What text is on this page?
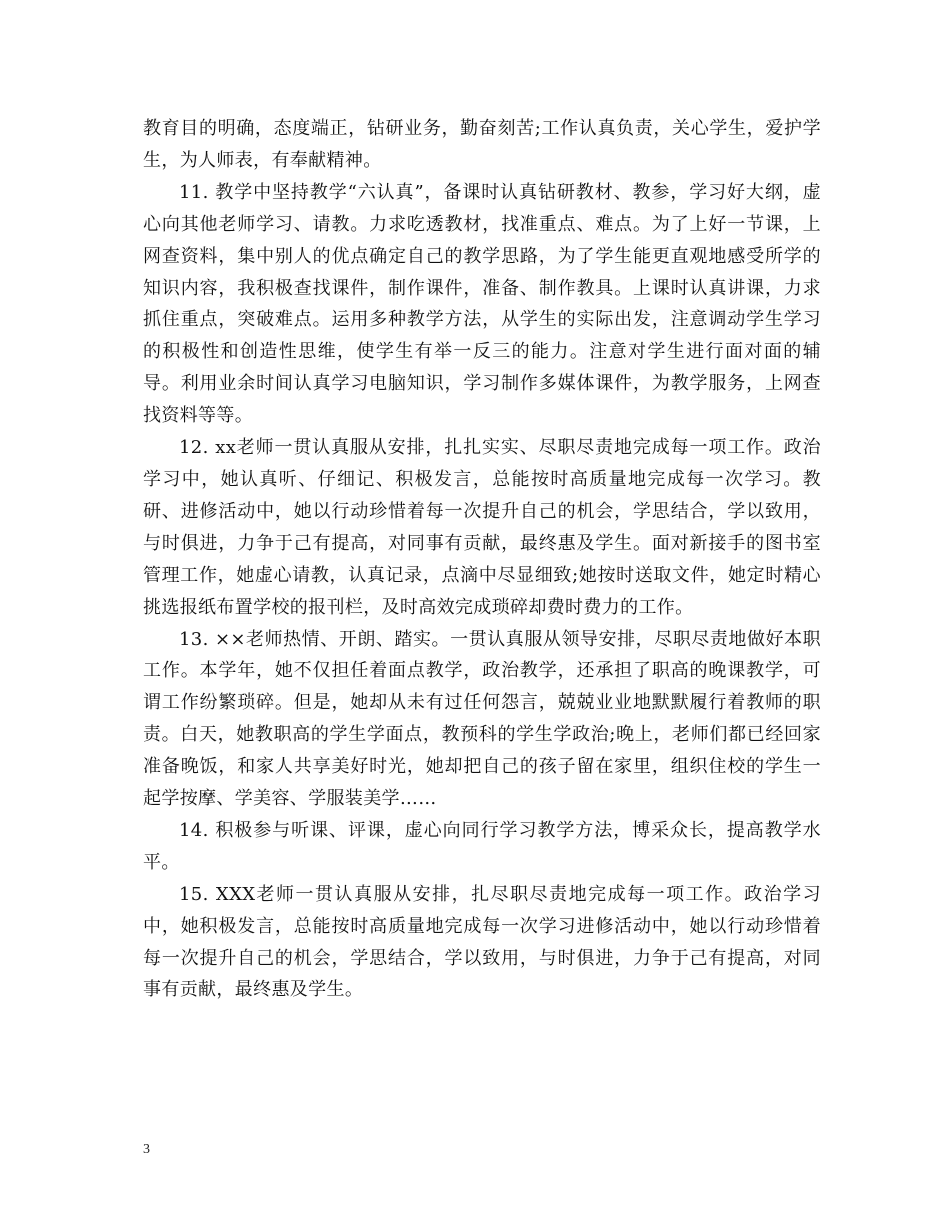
教育目的明确，态度端正，钻研业务，勤奋刻苦;工作认真负责，关心学生，爱护学生，为人师表，有奉献精神。

11. 教学中坚持教学“六认真”，备课时认真钻研教材、教参，学习好大纲，虚心向其他老师学习、请教。力求吃透教材，找准重点、难点。为了上好一节课，上网查资料，集中别人的优点确定自己的教学思路，为了学生能更直观地感受所学的知识内容，我积极查找课件，制作课件，准备、制作教具。上课时认真讲课，力求抓住重点，突破难点。运用多种教学方法，从学生的实际出发，注意调动学生学习的积极性和创造性思维，使学生有举一反三的能力。注意对学生进行面对面的辅导。利用业余时间认真学习电脑知识，学习制作多媒体课件，为教学服务，上网查找资料等等。

12. xx老师一贯认真服从安排，扎扎实实、尽职尽责地完成每一项工作。政治学习中，她认真听、仔细记、积极发言，总能按时高质量地完成每一次学习。教研、进修活动中，她以行动珍惜着每一次提升自己的机会，学思结合，学以致用，与时俱进，力争于己有提高，对同事有贡献，最终惠及学生。面对新接手的图书室管理工作，她虚心请教，认真记录，点滴中尽显细致;她按时送取文件，她定时精心挑选报纸布置学校的报刊栏，及时高效完成琐碎却费时费力的工作。

13. ××老师热情、开朗、踏实。一贯认真服从领导安排，尽职尽责地做好本职工作。本学年，她不仅担任着面点教学，政治教学，还承担了职高的晚课教学，可谓工作纷繁琐碎。但是，她却从未有过任何怨言，兢兢业业地默默履行着教师的职责。白天，她教职高的学生学面点，教预科的学生学政治;晚上，老师们都已经回家准备晚饭，和家人共享美好时光，她却把自己的孩子留在家里，组织住校的学生一起学按摩、学美容、学服装美学……

14. 积极参与听课、评课，虚心向同行学习教学方法，博采众长，提高教学水平。

15. XXX老师一贯认真服从安排，扎尽职尽责地完成每一项工作。政治学习中，她积极发言，总能按时高质量地完成每一次学习进修活动中，她以行动珍惜着每一次提升自己的机会，学思结合，学以致用，与时俱进，力争于己有提高，对同事有贡献，最终惠及学生。

3
